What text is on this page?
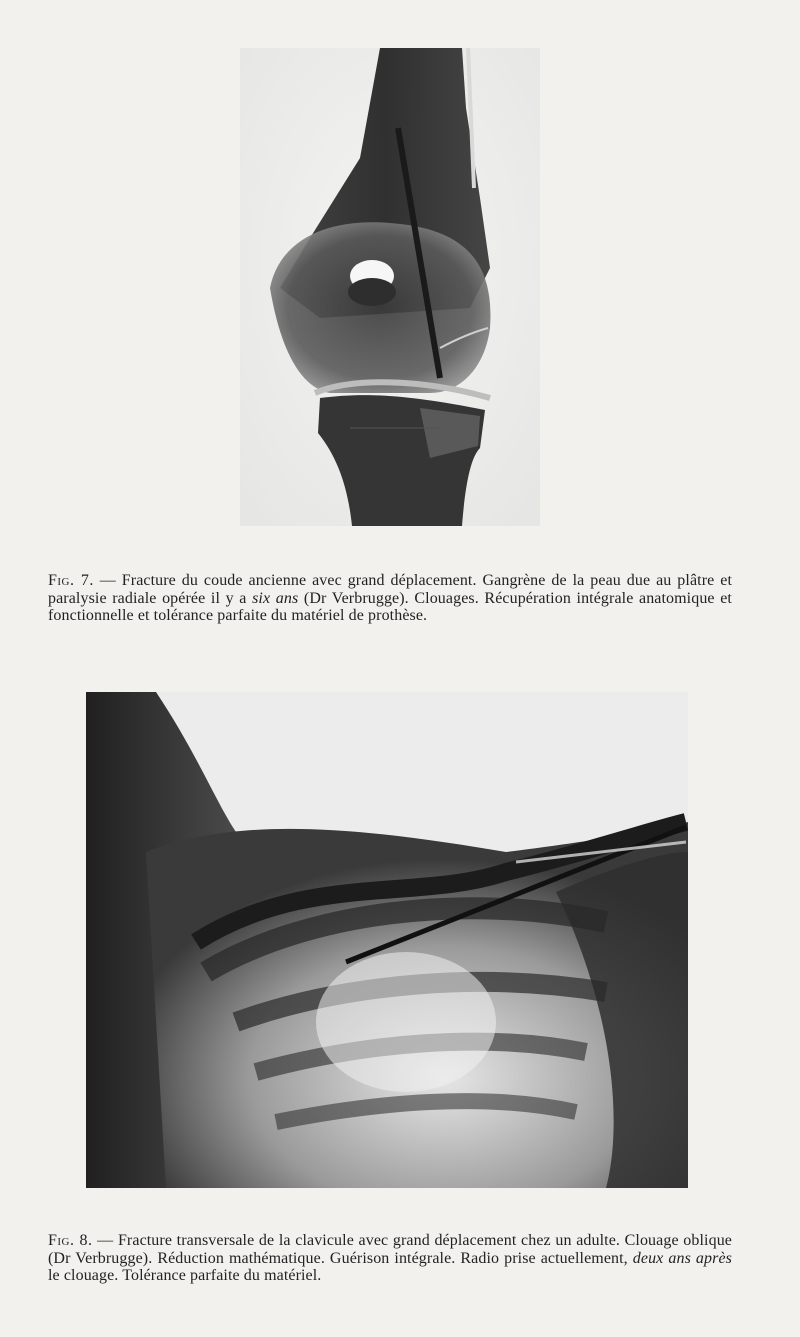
Fig. 7. — Fracture du coude ancienne avec grand déplacement. Gangrène de la peau due au plâtre et paralysie radiale opérée il y a six ans (Dr Verbrugge). Clouages. Récupération intégrale anatomique et fonctionnelle et tolérance parfaite du matériel de prothèse.

Fig. 8. — Fracture transversale de la clavicule avec grand déplacement chez un adulte. Clouage oblique (Dr Verbrugge). Réduction mathématique. Guérison intégrale. Radio prise actuellement, deux ans après le clouage. Tolérance parfaite du matériel.
